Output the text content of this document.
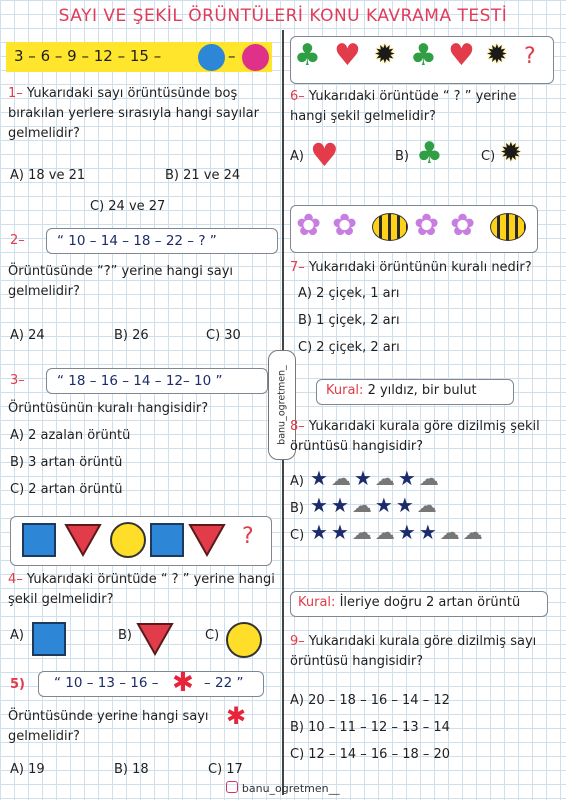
SAYI VE ŞEKİL ÖRÜNTÜLERİ KONU KAVRAMA TESTİ
banu_ogretmen_
3 – 6 – 9 – 12 – 15 –	–
1– Yukarıdaki sayı örüntüsünde boş bırakılan yerlere sırasıyla hangi sayılar gelmelidir?
A) 18 ve 21	B) 21 ve 24
C) 24 ve 27
2–	“ 10 – 14 – 18 – 22 – ? ”
Örüntüsünde “?” yerine hangi sayı gelmelidir?
A) 24	B) 26	C) 30
3–	“ 18 – 16 – 14 – 12– 10 ”
Örüntüsünün kuralı hangisidir?
A) 2 azalan örüntü
B) 3 artan örüntü
C) 2 artan örüntü
?
4– Yukarıdaki örüntüde “ ? ” yerine hangi şekil gelmelidir?
A)	B)	C)
5)	“ 10 – 13 – 16 – ✱ – 22 ”
Örüntüsünde yerine hangi sayı gelmelidir?
✱
A) 19	B) 18	C) 17
♣ ♥ ✹ ♣ ♥ ✹ ?
6– Yukarıdaki örüntüde “ ? ” yerine hangi şekil gelmelidir?
A) ♥	B) ♣	C) ✹
✿ ✿ ✿ ✿
7– Yukarıdaki örüntünün kuralı nedir?
A) 2 çiçek, 1 arı
B) 1 çiçek, 2 arı
C) 2 çiçek, 2 arı
Kural: 2 yıldız, bir bulut
8– Yukarıdaki kurala göre dizilmiş şekil örüntüsü hangisidir?
A) ★☁★☁★☁
B) ★★☁★★☁
C) ★★☁☁★★☁☁
Kural: İleriye doğru 2 artan örüntü
9– Yukarıdaki kurala göre dizilmiş sayı örüntüsü hangisidir?
A) 20 – 18 – 16 – 14 – 12
B) 10 – 11 – 12 – 13 – 14
C) 12 – 14 – 16 – 18 – 20
banu_ogretmen__
